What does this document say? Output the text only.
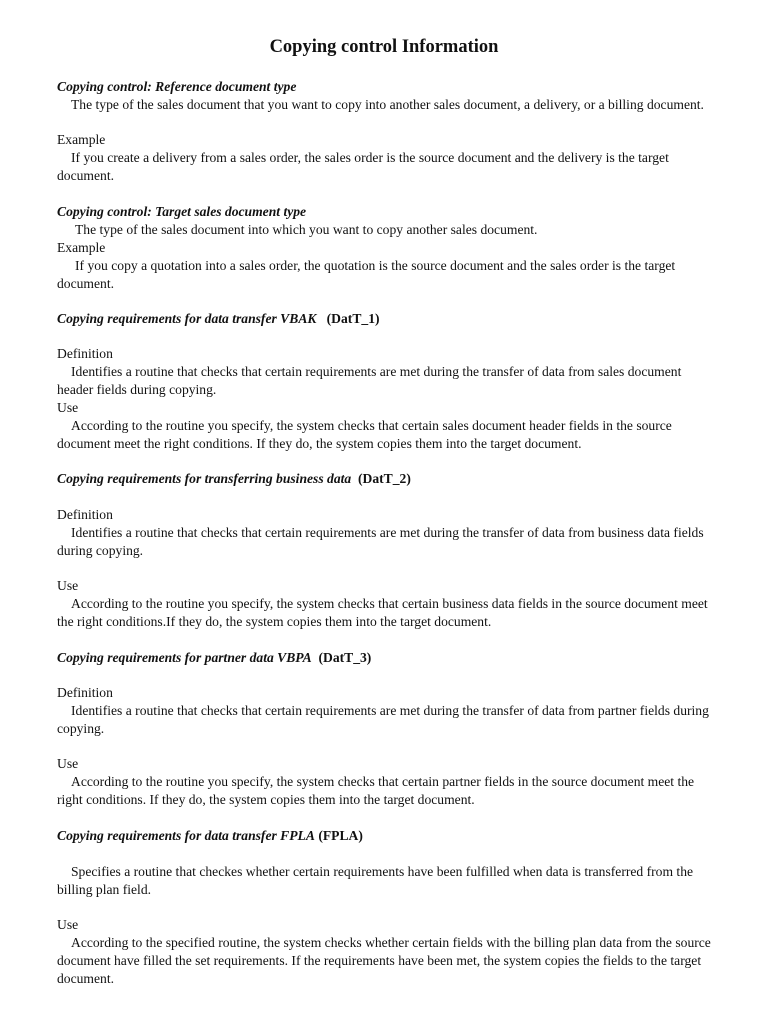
Copying control Information
Copying control: Reference document type
The type of the sales document that you want to copy into another sales document, a delivery, or a billing document.
Example
If you create a delivery from a sales order, the sales order is the source document and the delivery is the target document.
Copying control: Target sales document type
The type of the sales document into which you want to copy another sales document.
Example
If you copy a quotation into a sales order, the quotation is the source document and the sales order is the target document.
Copying requirements for data transfer VBAK (DatT_1)
Definition
Identifies a routine that checks that certain requirements are met during the transfer of data from sales document header fields during copying.
Use
According to the routine you specify, the system checks that certain sales document header fields in the source document meet the right conditions. If they do, the system copies them into the target document.
Copying requirements for transferring business data (DatT_2)
Definition
Identifies a routine that checks that certain requirements are met during the transfer of data from business data fields during copying.
Use
According to the routine you specify, the system checks that certain business data fields in the source document meet the right conditions.If they do, the system copies them into the target document.
Copying requirements for partner data VBPA (DatT_3)
Definition
Identifies a routine that checks that certain requirements are met during the transfer of data from partner fields during copying.
Use
According to the routine you specify, the system checks that certain partner fields in the source document meet the right conditions. If they do, the system copies them into the target document.
Copying requirements for data transfer FPLA (FPLA)
Specifies a routine that checkes whether certain requirements have been fulfilled when data is transferred from the billing plan field.
Use
According to the specified routine, the system checks whether certain fields with the billing plan data from the source document have filled the set requirements. If the requirements have been met, the system copies the fields to the target document.
